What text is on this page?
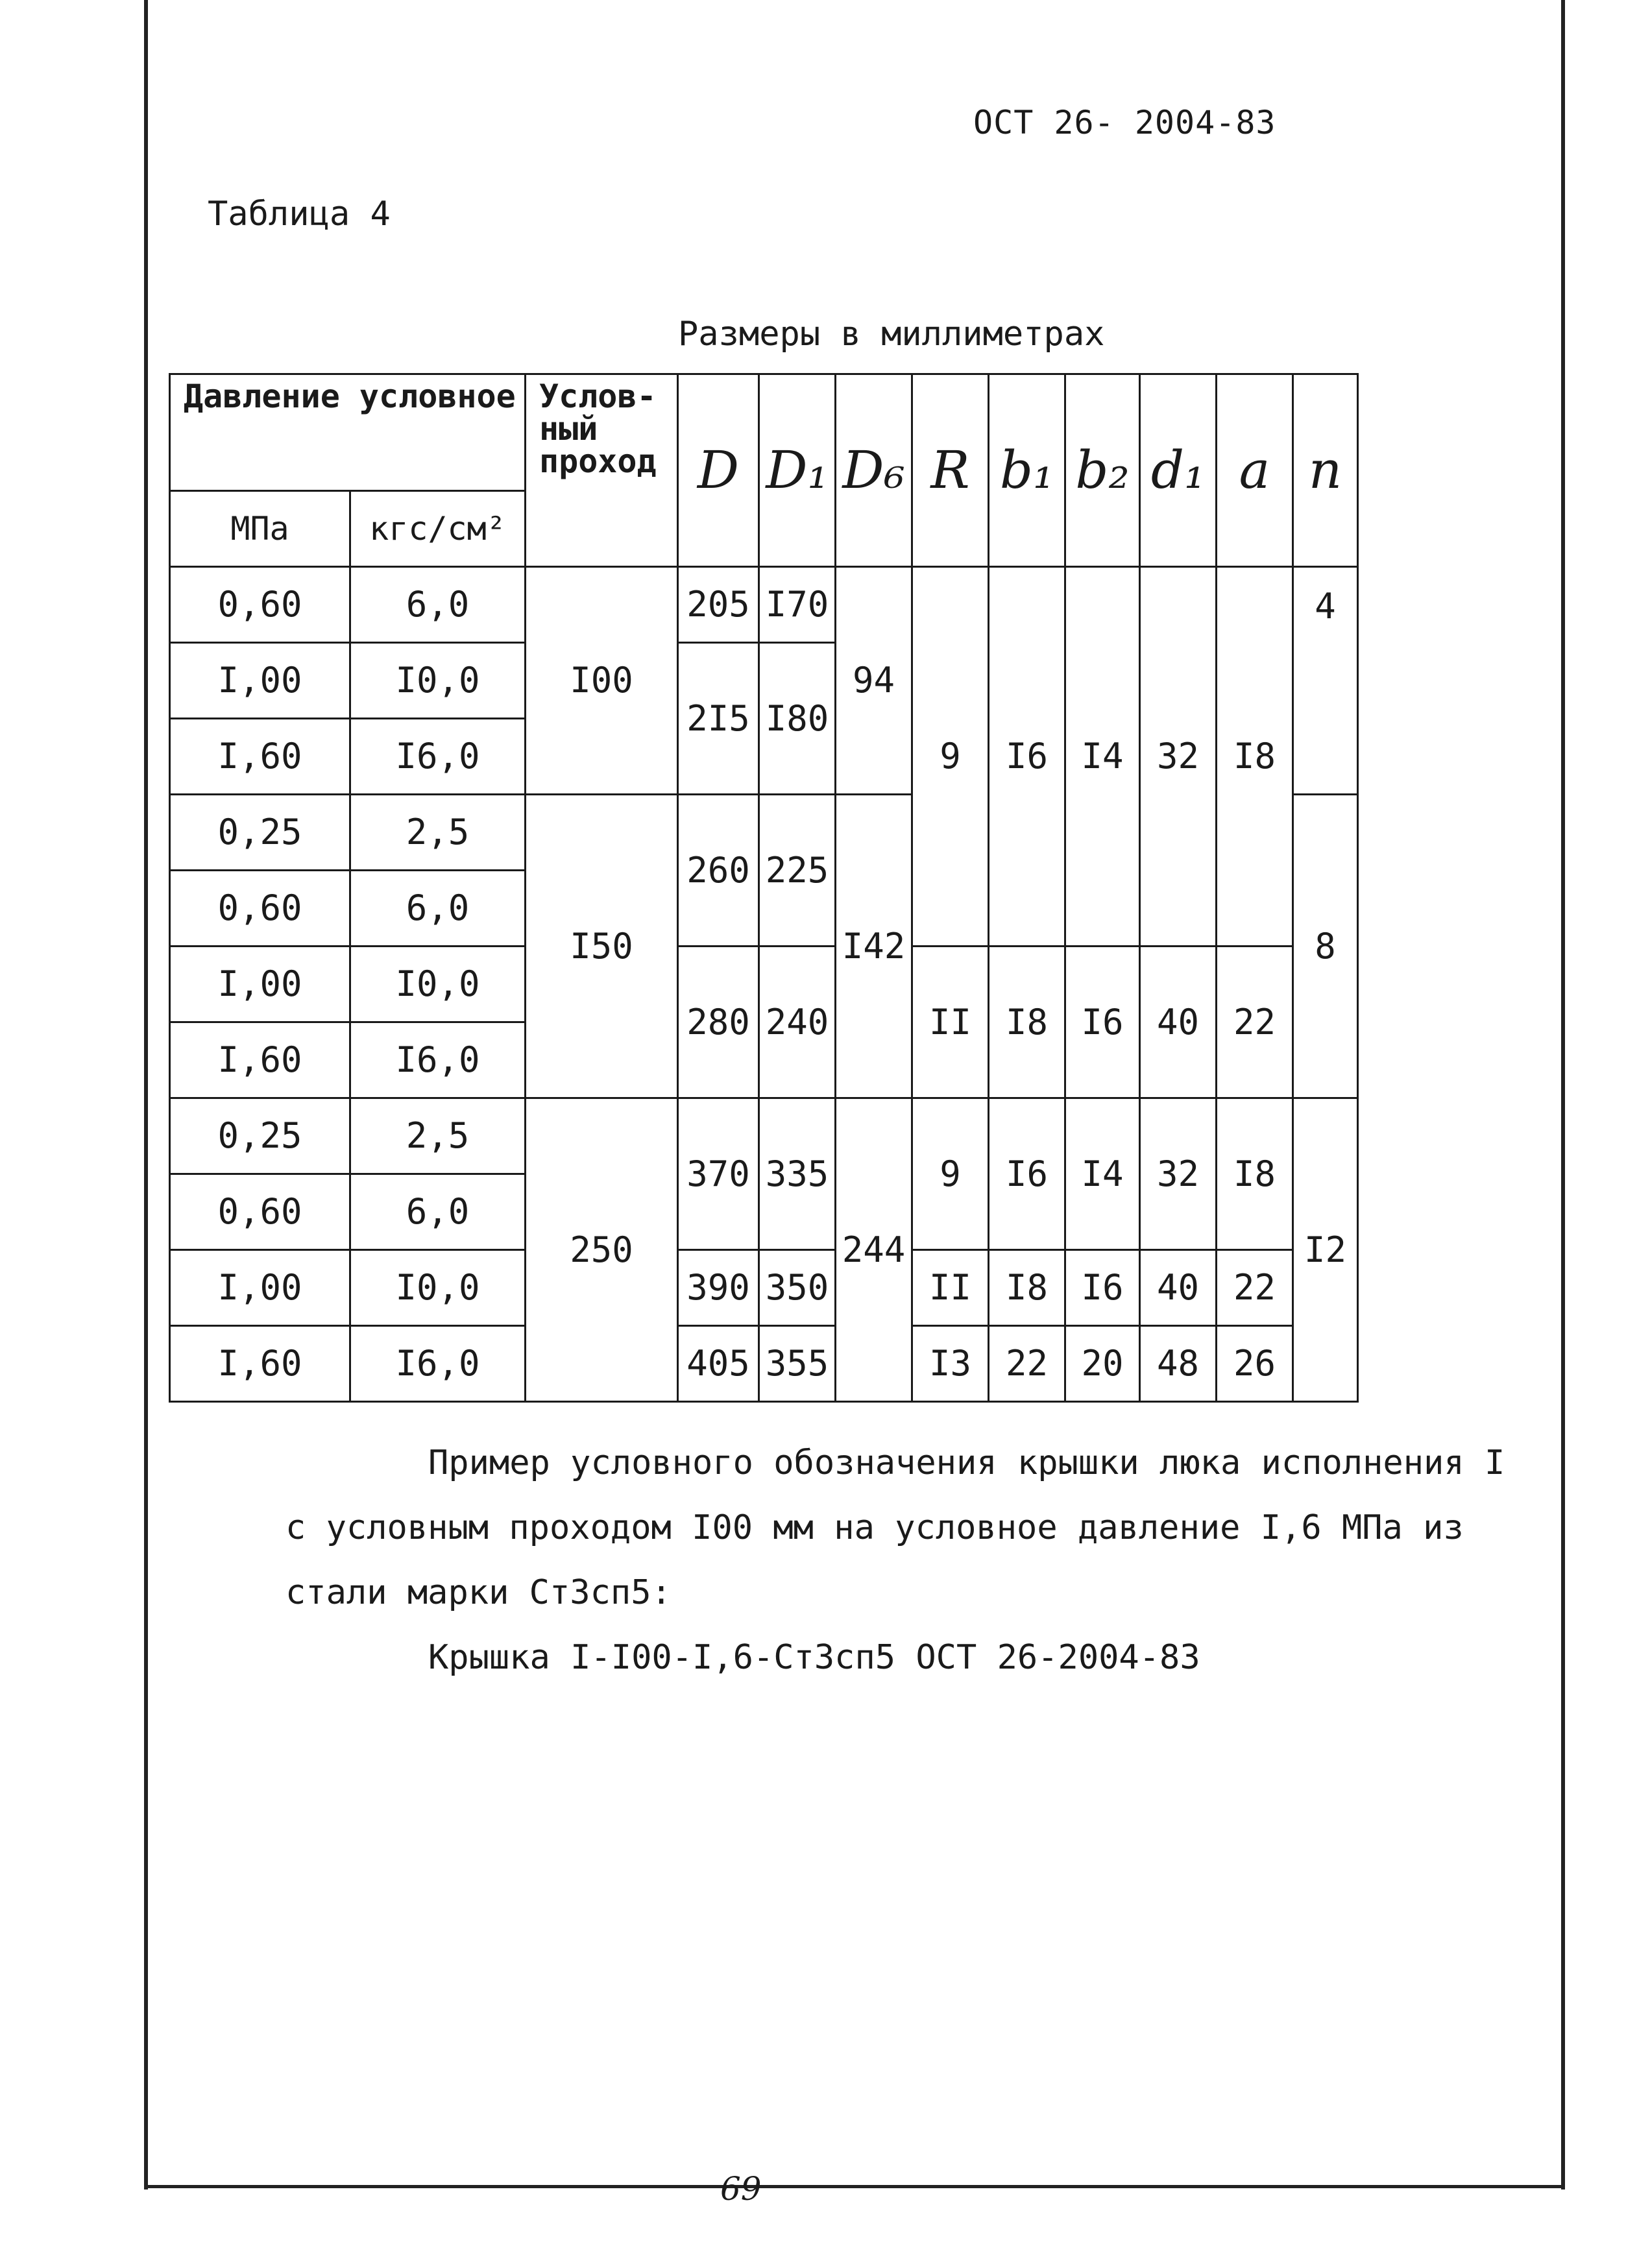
ОСТ 26- 2004-83
Таблица 4
Размеры в миллиметрах
Давление условное		Услов-ный проход	D	D₁	D₆	R	b₁	b₂	d₁	a	n
МПа	кгс/см²										
0,60	6,0	I00	205	I70	94	9	I6	I4	32	I8	4
I,00	I0,0		2I5	I80							
I,60	I6,0										
0,25	2,5	I50	260	225	I42						8
0,60	6,0										
I,00	I0,0		280	240		II	I8	I6	40	22	
I,60	I6,0										
0,25	2,5	250	370	335	244	9	I6	I4	32	I8	I2
0,60	6,0										
I,00	I0,0		390	350		II	I8	I6	40	22	
I,60	I6,0		405	355		I3	22	20	48	26	
Пример условного обозначения крышки люка исполнения I
с условным проходом I00 мм на условное давление I,6 МПа из
стали марки Ст3сп5:
Крышка I-I00-I,6-Ст3сп5 ОСТ 26-2004-83
69
